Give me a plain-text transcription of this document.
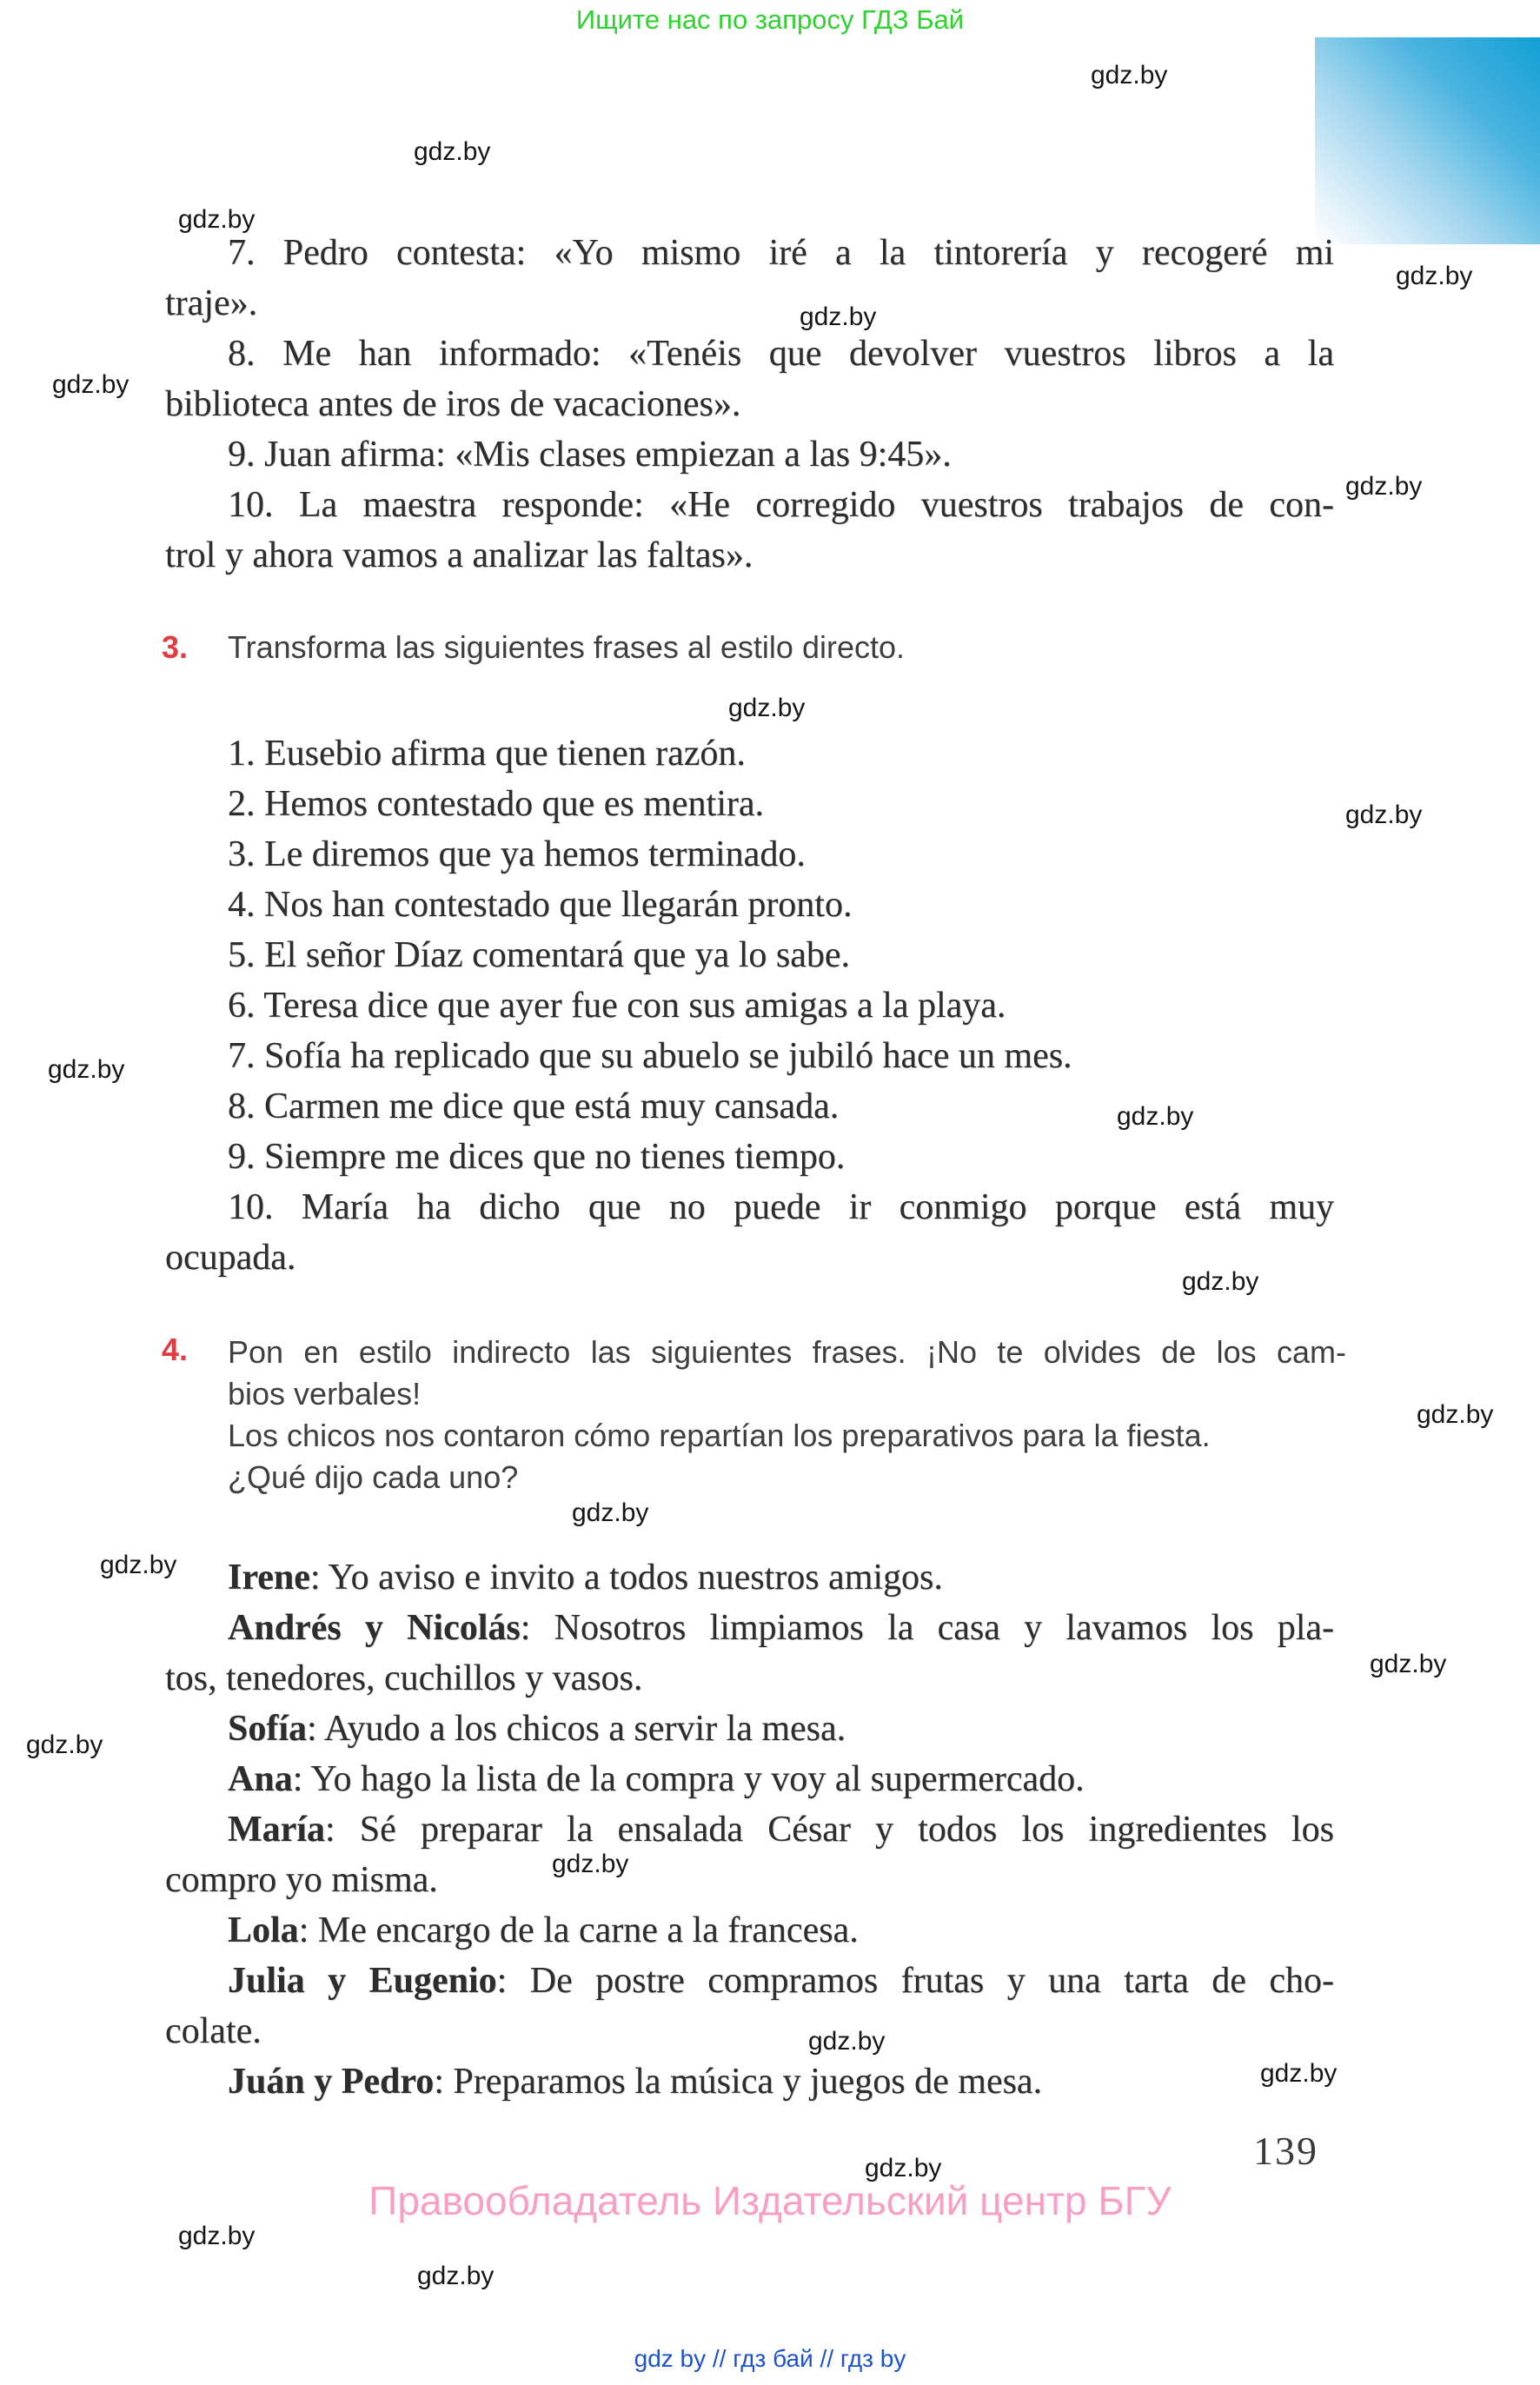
Ищите нас по запросу ГДЗ Бай
gdz.by
gdz.by
gdz.by
gdz.by
gdz.by
gdz.by
gdz.by
gdz.by
gdz.by
gdz.by
gdz.by
gdz.by
gdz.by
gdz.by
gdz.by
gdz.by
gdz.by
gdz.by
gdz.by
gdz.by
gdz.by
gdz.by
gdz.by
7. Pedro contesta: «Yo mismo iré a la tintorería y recogeré mi
traje».
8. Me han informado: «Tenéis que devolver vuestros libros a la
biblioteca antes de iros de vacaciones».
9. Juan afirma: «Mis clases empiezan a las 9:45».
10. La maestra responde: «He corregido vuestros trabajos de con-
trol y ahora vamos a analizar las faltas».
3. Transforma las siguientes frases al estilo directo.
1. Eusebio afirma que tienen razón.
2. Hemos contestado que es mentira.
3. Le diremos que ya hemos terminado.
4. Nos han contestado que llegarán pronto.
5. El señor Díaz comentará que ya lo sabe.
6. Teresa dice que ayer fue con sus amigas a la playa.
7. Sofía ha replicado que su abuelo se jubiló hace un mes.
8. Carmen me dice que está muy cansada.
9. Siempre me dices que no tienes tiempo.
10. María ha dicho que no puede ir conmigo porque está muy
ocupada.
4.	Pon en estilo indirecto las siguientes frases. ¡No te olvides de los cam-
bios verbales!
Los chicos nos contaron cómo repartían los preparativos para la fiesta.
¿Qué dijo cada uno?
Irene: Yo aviso e invito a todos nuestros amigos.
Andrés y Nicolás: Nosotros limpiamos la casa y lavamos los pla-
tos, tenedores, cuchillos y vasos.
Sofía: Ayudo a los chicos a servir la mesa.
Ana: Yo hago la lista de la compra y voy al supermercado.
María: Sé preparar la ensalada César y todos los ingredientes los
compro yo misma.
Lola: Me encargo de la carne a la francesa.
Julia y Eugenio: De postre compramos frutas y una tarta de cho-
colate.
Juán y Pedro: Preparamos la música y juegos de mesa.
139
Правообладатель Издательский центр БГУ
gdz by // гдз бай // гдз by
